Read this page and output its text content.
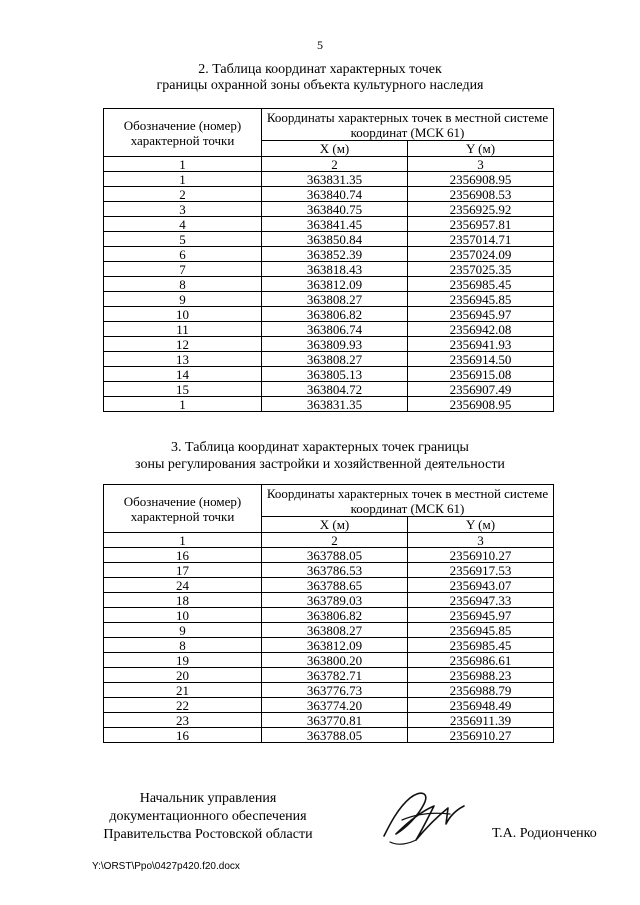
5
2. Таблица координат характерных точек
границы охранной зоны объекта культурного наследия
Обозначение (номер) характерной точки	Координаты характерных точек в местной системе координат (МСК 61)	
	X (м)	Y (м)
1	2	3
1	363831.35	2356908.95
2	363840.74	2356908.53
3	363840.75	2356925.92
4	363841.45	2356957.81
5	363850.84	2357014.71
6	363852.39	2357024.09
7	363818.43	2357025.35
8	363812.09	2356985.45
9	363808.27	2356945.85
10	363806.82	2356945.97
11	363806.74	2356942.08
12	363809.93	2356941.93
13	363808.27	2356914.50
14	363805.13	2356915.08
15	363804.72	2356907.49
1	363831.35	2356908.95
3. Таблица координат характерных точек границы
зоны регулирования застройки и хозяйственной деятельности
Обозначение (номер) характерной точки	Координаты характерных точек в местной системе координат (МСК 61)	
	X (м)	Y (м)
1	2	3
16	363788.05	2356910.27
17	363786.53	2356917.53
24	363788.65	2356943.07
18	363789.03	2356947.33
10	363806.82	2356945.97
9	363808.27	2356945.85
8	363812.09	2356985.45
19	363800.20	2356986.61
20	363782.71	2356988.23
21	363776.73	2356988.79
22	363774.20	2356948.49
23	363770.81	2356911.39
16	363788.05	2356910.27
Начальник управления
документационного обеспечения
Правительства Ростовской области	Т.А. Родионченко
Y:\ORST\Ppo\0427p420.f20.docx
